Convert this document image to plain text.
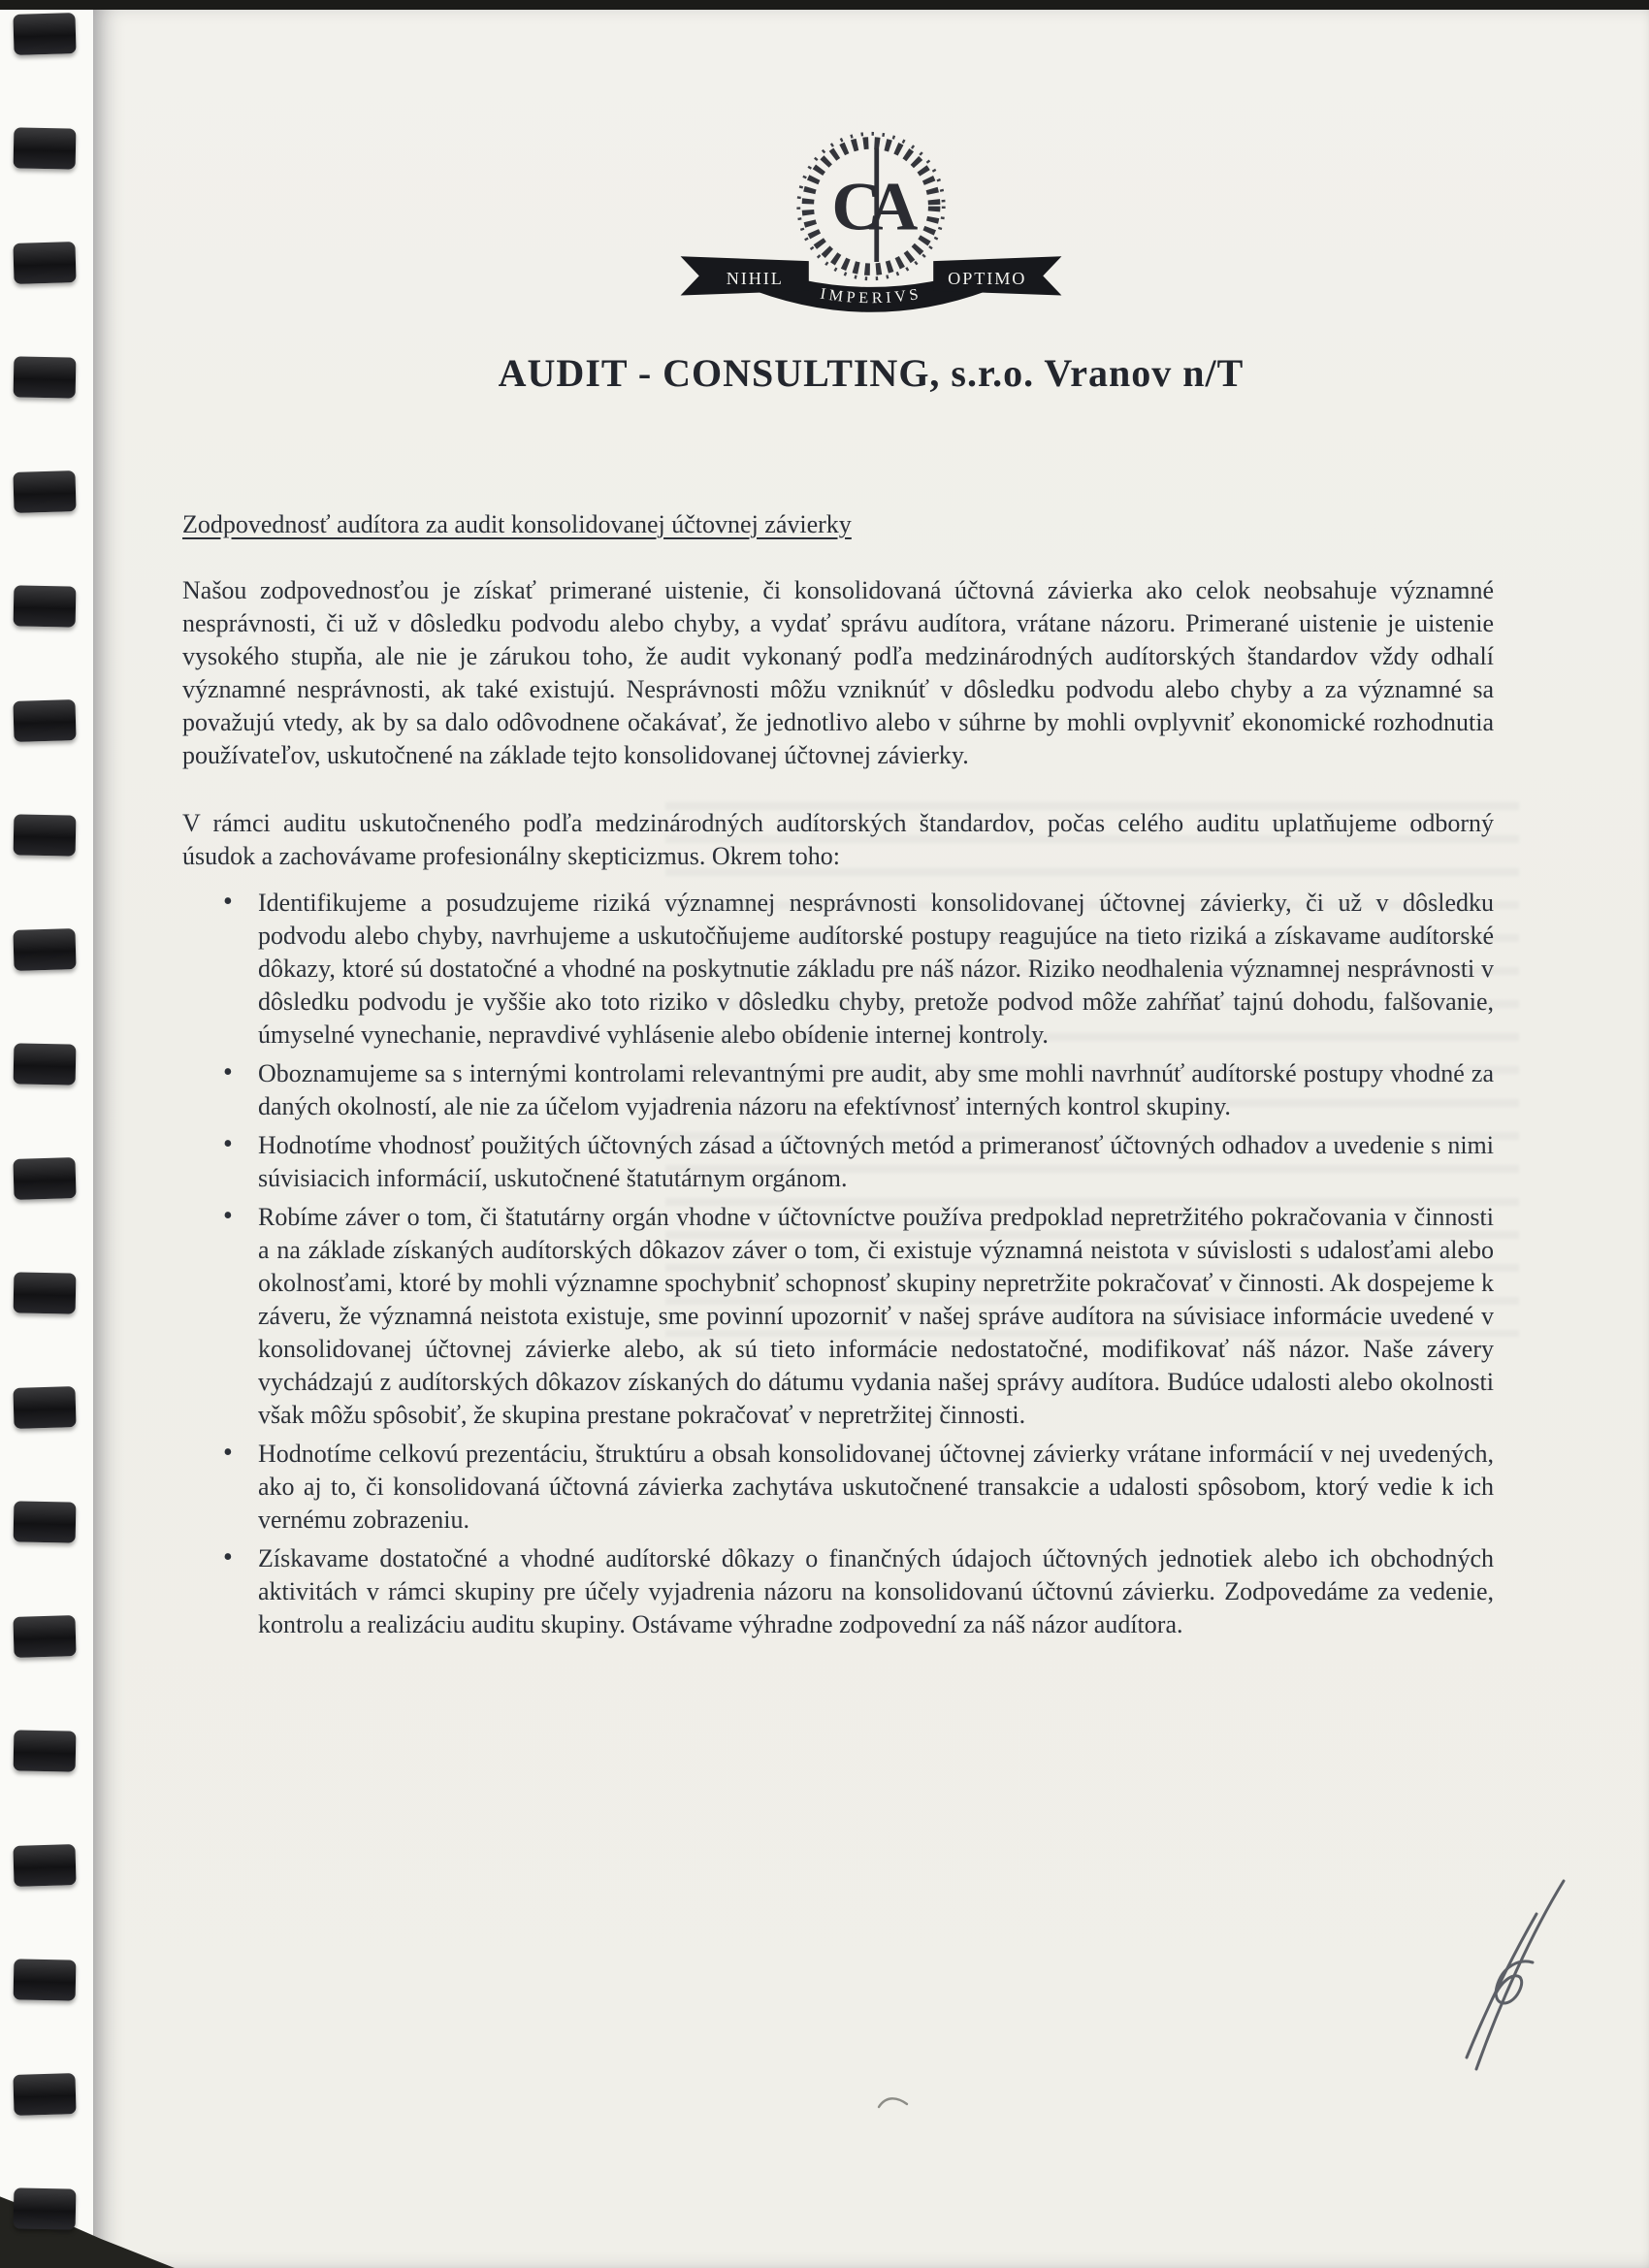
CA
NIHIL	OPTIMO
IMPERIVS
AUDIT - CONSULTING, s.r.o. Vranov n/T
Zodpovednosť audítora za audit konsolidovanej účtovnej závierky

Našou zodpovednosťou je získať primerané uistenie, či konsolidovaná účtovná závierka ako celok neobsahuje významné nesprávnosti, či už v dôsledku podvodu alebo chyby, a vydať správu audítora, vrátane názoru. Primerané uistenie je uistenie vysokého stupňa, ale nie je zárukou toho, že audit vykonaný podľa medzinárodných audítorských štandardov vždy odhalí významné nesprávnosti, ak také existujú. Nesprávnosti môžu vzniknúť v dôsledku podvodu alebo chyby a za významné sa považujú vtedy, ak by sa dalo odôvodnene očakávať, že jednotlivo alebo v súhrne by mohli ovplyvniť ekonomické rozhodnutia používateľov, uskutočnené na základe tejto konsolidovanej účtovnej závierky.

V rámci auditu uskutočneného podľa medzinárodných audítorských štandardov, počas celého auditu uplatňujeme odborný úsudok a zachovávame profesionálny skepticizmus. Okrem toho:

• Identifikujeme a posudzujeme riziká významnej nesprávnosti konsolidovanej účtovnej závierky, či už v dôsledku podvodu alebo chyby, navrhujeme a uskutočňujeme audítorské postupy reagujúce na tieto riziká a získavame audítorské dôkazy, ktoré sú dostatočné a vhodné na poskytnutie základu pre náš názor. Riziko neodhalenia významnej nesprávnosti v dôsledku podvodu je vyššie ako toto riziko v dôsledku chyby, pretože podvod môže zahŕňať tajnú dohodu, falšovanie, úmyselné vynechanie, nepravdivé vyhlásenie alebo obídenie internej kontroly.
• Oboznamujeme sa s internými kontrolami relevantnými pre audit, aby sme mohli navrhnúť audítorské postupy vhodné za daných okolností, ale nie za účelom vyjadrenia názoru na efektívnosť interných kontrol skupiny.
• Hodnotíme vhodnosť použitých účtovných zásad a účtovných metód a primeranosť účtovných odhadov a uvedenie s nimi súvisiacich informácií, uskutočnené štatutárnym orgánom.
• Robíme záver o tom, či štatutárny orgán vhodne v účtovníctve používa predpoklad nepretržitého pokračovania v činnosti a na základe získaných audítorských dôkazov záver o tom, či existuje významná neistota v súvislosti s udalosťami alebo okolnosťami, ktoré by mohli významne spochybniť schopnosť skupiny nepretržite pokračovať v činnosti. Ak dospejeme k záveru, že významná neistota existuje, sme povinní upozorniť v našej správe audítora na súvisiace informácie uvedené v konsolidovanej účtovnej závierke alebo, ak sú tieto informácie nedostatočné, modifikovať náš názor. Naše závery vychádzajú z audítorských dôkazov získaných do dátumu vydania našej správy audítora. Budúce udalosti alebo okolnosti však môžu spôsobiť, že skupina prestane pokračovať v nepretržitej činnosti.
• Hodnotíme celkovú prezentáciu, štruktúru a obsah konsolidovanej účtovnej závierky vrátane informácií v nej uvedených, ako aj to, či konsolidovaná účtovná závierka zachytáva uskutočnené transakcie a udalosti spôsobom, ktorý vedie k ich vernému zobrazeniu.
• Získavame dostatočné a vhodné audítorské dôkazy o finančných údajoch účtovných jednotiek alebo ich obchodných aktivitách v rámci skupiny pre účely vyjadrenia názoru na konsolidovanú účtovnú závierku. Zodpovedáme za vedenie, kontrolu a realizáciu auditu skupiny. Ostávame výhradne zodpovední za náš názor audítora.
